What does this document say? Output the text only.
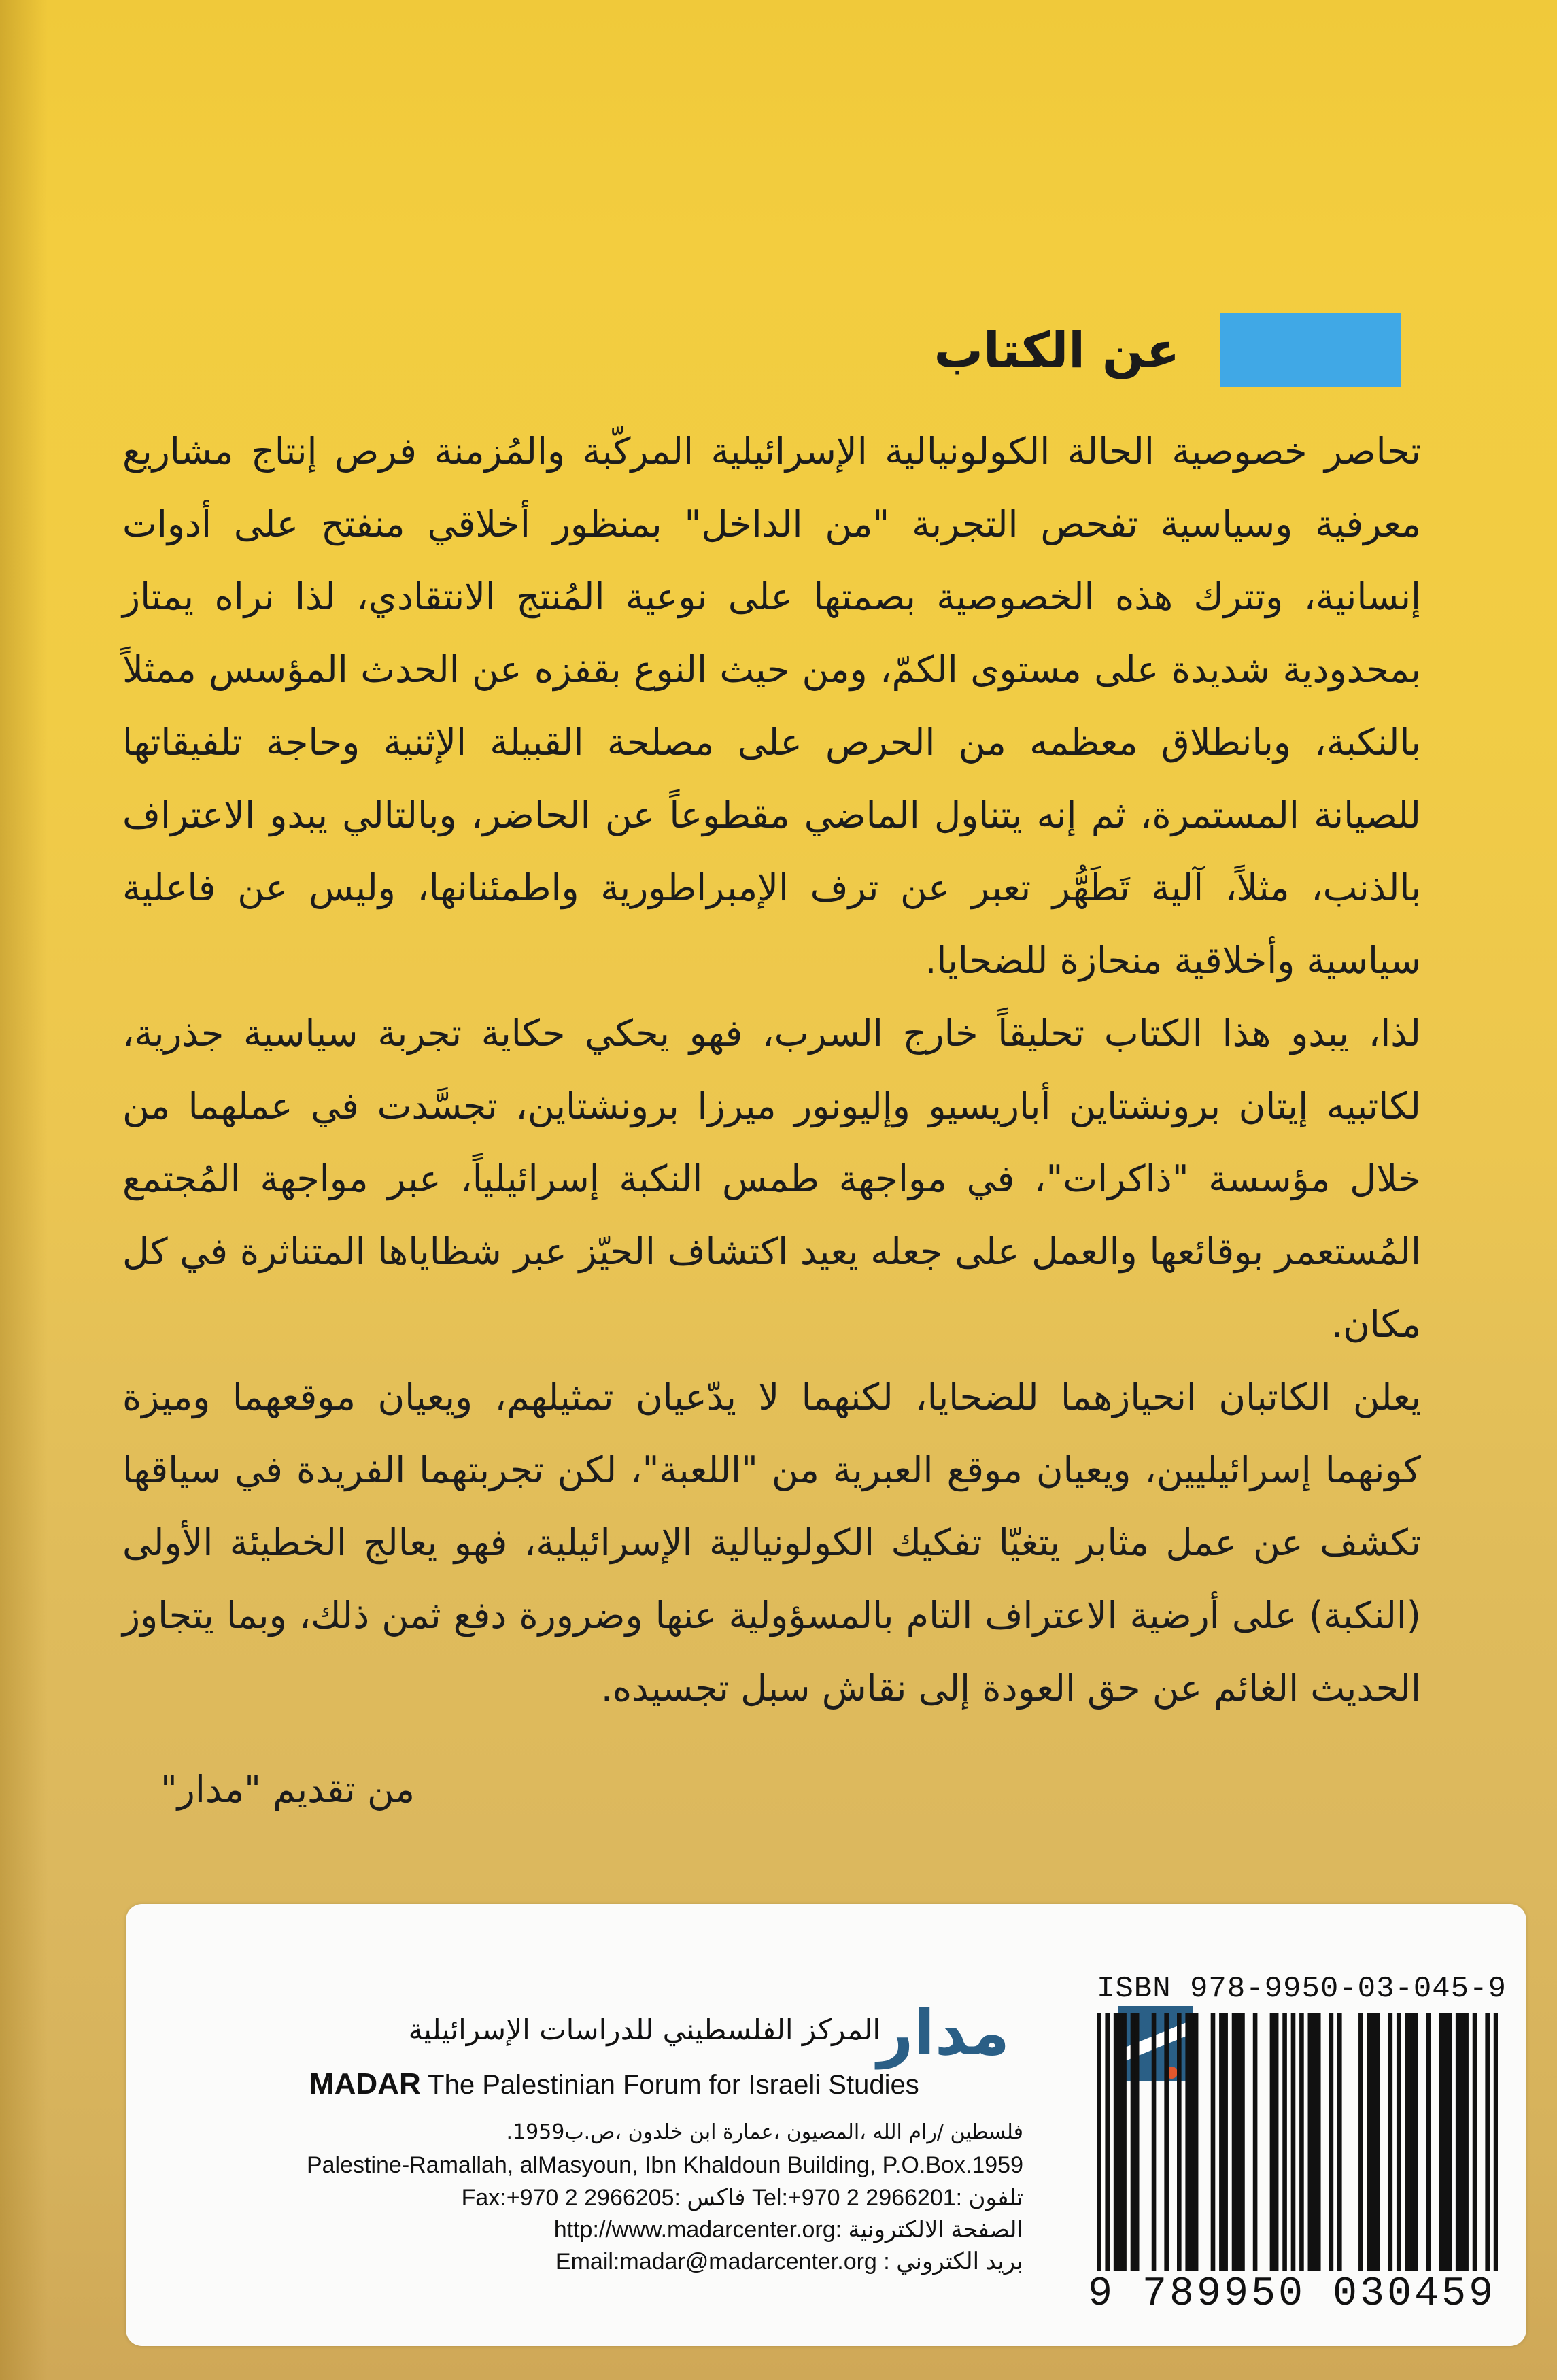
عن الكتاب

تحاصر خصوصية الحالة الكولونيالية الإسرائيلية المركّبة والمُزمنة فرص إنتاج مشاريع معرفية وسياسية تفحص التجربة "من الداخل" بمنظور أخلاقي منفتح على أدوات إنسانية، وتترك هذه الخصوصية بصمتها على نوعية المُنتج الانتقادي، لذا نراه يمتاز بمحدودية شديدة على مستوى الكمّ، ومن حيث النوع بقفزه عن الحدث المؤسس ممثلاً بالنكبة، وبانطلاق معظمه من الحرص على مصلحة القبيلة الإثنية وحاجة تلفيقاتها للصيانة المستمرة، ثم إنه يتناول الماضي مقطوعاً عن الحاضر، وبالتالي يبدو الاعتراف بالذنب، مثلاً، آلية تَطَهُّر تعبر عن ترف الإمبراطورية واطمئنانها، وليس عن فاعلية سياسية وأخلاقية منحازة للضحايا.

لذا، يبدو هذا الكتاب تحليقاً خارج السرب، فهو يحكي حكاية تجربة سياسية جذرية، لكاتبيه إيتان برونشتاين أباريسيو وإليونور ميرزا برونشتاين، تجسَّدت في عملهما من خلال مؤسسة "ذاكرات"، في مواجهة طمس النكبة إسرائيلياً، عبر مواجهة المُجتمع المُستعمر بوقائعها والعمل على جعله يعيد اكتشاف الحيّز عبر شظاياها المتناثرة في كل مكان.

يعلن الكاتبان انحيازهما للضحايا، لكنهما لا يدّعيان تمثيلهم، ويعيان موقعهما وميزة كونهما إسرائيليين، ويعيان موقع العبرية من "اللعبة"، لكن تجربتهما الفريدة في سياقها تكشف عن عمل مثابر يتغيّا تفكيك الكولونيالية الإسرائيلية، فهو يعالج الخطيئة الأولى (النكبة) على أرضية الاعتراف التام بالمسؤولية عنها وضرورة دفع ثمن ذلك، وبما يتجاوز الحديث الغائم عن حق العودة إلى نقاش سبل تجسيده.

من تقديم "مدار"

مدار
المركز الفلسطيني للدراسات الإسرائيلية
MADAR The Palestinian Forum for Israeli Studies
فلسطين /رام الله ،المصيون ،عمارة ابن خلدون ،ص.ب1959.
Palestine-Ramallah, alMasyoun, Ibn Khaldoun Building, P.O.Box.1959
Fax:+970 2 2966205: فاكس Tel:+970 2 2966201: تلفون
http://www.madarcenter.org: الصفحة الالكترونية
Email:madar@madarcenter.org : بريد الكتروني
ISBN 978-9950-03-045-9
9 789950 030459
